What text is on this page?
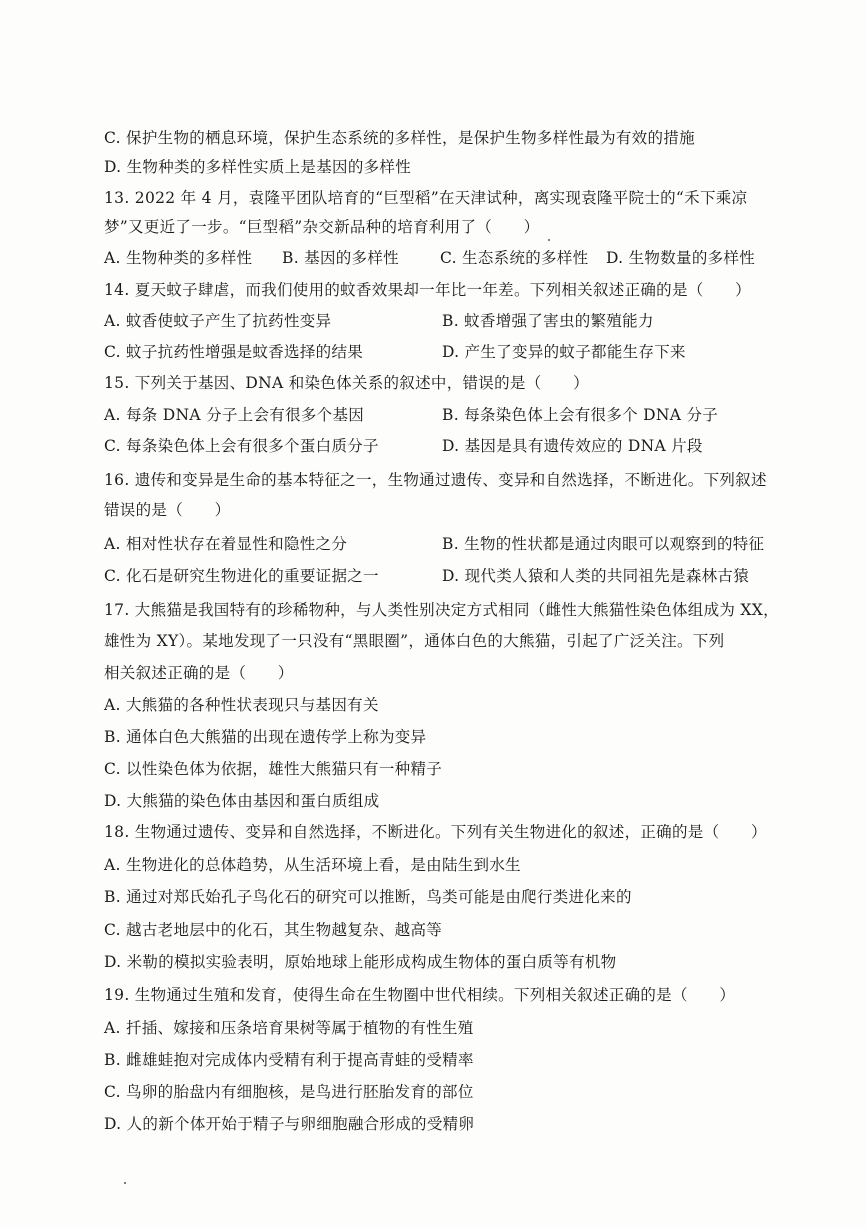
C. 保护生物的栖息环境，保护生态系统的多样性，是保护生物多样性最为有效的措施
D. 生物种类的多样性实质上是基因的多样性
13. 2022 年 4 月，袁隆平团队培育的“巨型稻”在天津试种，离实现袁隆平院士的“禾下乘凉
梦”又更近了一步。“巨型稻”杂交新品种的培育利用了（　　）
A. 生物种类的多样性 B. 基因的多样性	C. 生态系统的多样性 D. 生物数量的多样性
14. 夏天蚊子肆虐，而我们使用的蚊香效果却一年比一年差。下列相关叙述正确的是（　　）
A. 蚊香使蚊子产生了抗药性变异	B. 蚊香增强了害虫的繁殖能力
C. 蚊子抗药性增强是蚊香选择的结果	D. 产生了变异的蚊子都能生存下来
15. 下列关于基因、DNA 和染色体关系的叙述中，错误的是（　　）
A. 每条 DNA 分子上会有很多个基因	B. 每条染色体上会有很多个 DNA 分子
C. 每条染色体上会有很多个蛋白质分子	D. 基因是具有遗传效应的 DNA 片段
16. 遗传和变异是生命的基本特征之一，生物通过遗传、变异和自然选择，不断进化。下列叙述
错误的是（　　）
A. 相对性状存在着显性和隐性之分	B. 生物的性状都是通过肉眼可以观察到的特征
C. 化石是研究生物进化的重要证据之一	D. 现代类人猿和人类的共同祖先是森林古猿
17. 大熊猫是我国特有的珍稀物种，与人类性别决定方式相同（雌性大熊猫性染色体组成为 XX，
雄性为 XY）。某地发现了一只没有“黑眼圈”，通体白色的大熊猫，引起了广泛关注。下列
相关叙述正确的是（　　）
A. 大熊猫的各种性状表现只与基因有关
B. 通体白色大熊猫的出现在遗传学上称为变异
C. 以性染色体为依据，雄性大熊猫只有一种精子
D. 大熊猫的染色体由基因和蛋白质组成
18. 生物通过遗传、变异和自然选择，不断进化。下列有关生物进化的叙述，正确的是（　　）
A. 生物进化的总体趋势，从生活环境上看，是由陆生到水生
B. 通过对郑氏始孔子鸟化石的研究可以推断，鸟类可能是由爬行类进化来的
C. 越古老地层中的化石，其生物越复杂、越高等
D. 米勒的模拟实验表明，原始地球上能形成构成生物体的蛋白质等有机物
19. 生物通过生殖和发育，使得生命在生物圈中世代相续。下列相关叙述正确的是（　　）
A. 扦插、嫁接和压条培育果树等属于植物的有性生殖
B. 雌雄蛙抱对完成体内受精有利于提高青蛙的受精率
C. 鸟卵的胎盘内有细胞核，是鸟进行胚胎发育的部位
D. 人的新个体开始于精子与卵细胞融合形成的受精卵
